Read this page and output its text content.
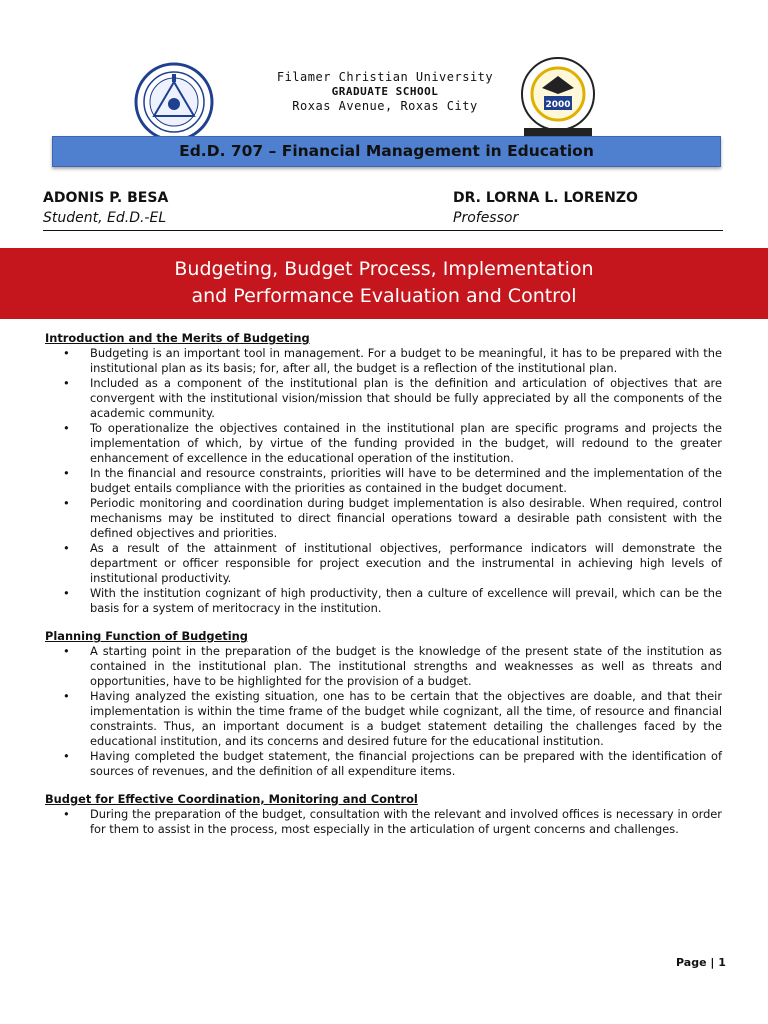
Filamer Christian University
GRADUATE SCHOOL
Roxas Avenue, Roxas City	2000
Ed.D. 707 – Financial Management in Education
ADONIS P. BESA
Student, Ed.D.-EL
DR. LORNA L. LORENZO
Professor
Budgeting, Budget Process, Implementation
and Performance Evaluation and Control

Introduction and the Merits of Budgeting

• Budgeting is an important tool in management. For a budget to be meaningful, it has to be prepared with the institutional plan as its basis; for, after all, the budget is a reflection of the institutional plan.
• Included as a component of the institutional plan is the definition and articulation of objectives that are convergent with the institutional vision/mission that should be fully appreciated by all the components of the academic community.
• To operationalize the objectives contained in the institutional plan are specific programs and projects the implementation of which, by virtue of the funding provided in the budget, will redound to the greater enhancement of excellence in the educational operation of the institution.
• In the financial and resource constraints, priorities will have to be determined and the implementation of the budget entails compliance with the priorities as contained in the budget document.
• Periodic monitoring and coordination during budget implementation is also desirable. When required, control mechanisms may be instituted to direct financial operations toward a desirable path consistent with the defined objectives and priorities.
• As a result of the attainment of institutional objectives, performance indicators will demonstrate the department or officer responsible for project execution and the instrumental in achieving high levels of institutional productivity.
• With the institution cognizant of high productivity, then a culture of excellence will prevail, which can be the basis for a system of meritocracy in the institution.

Planning Function of Budgeting

• A starting point in the preparation of the budget is the knowledge of the present state of the institution as contained in the institutional plan. The institutional strengths and weaknesses as well as threats and opportunities, have to be highlighted for the provision of a budget.
• Having analyzed the existing situation, one has to be certain that the objectives are doable, and that their implementation is within the time frame of the budget while cognizant, all the time, of resource and financial constraints. Thus, an important document is a budget statement detailing the challenges faced by the educational institution, and its concerns and desired future for the educational institution.
• Having completed the budget statement, the financial projections can be prepared with the identification of sources of revenues, and the definition of all expenditure items.

Budget for Effective Coordination, Monitoring and Control

• During the preparation of the budget, consultation with the relevant and involved offices is necessary in order for them to assist in the process, most especially in the articulation of urgent concerns and challenges.
Page | 1
